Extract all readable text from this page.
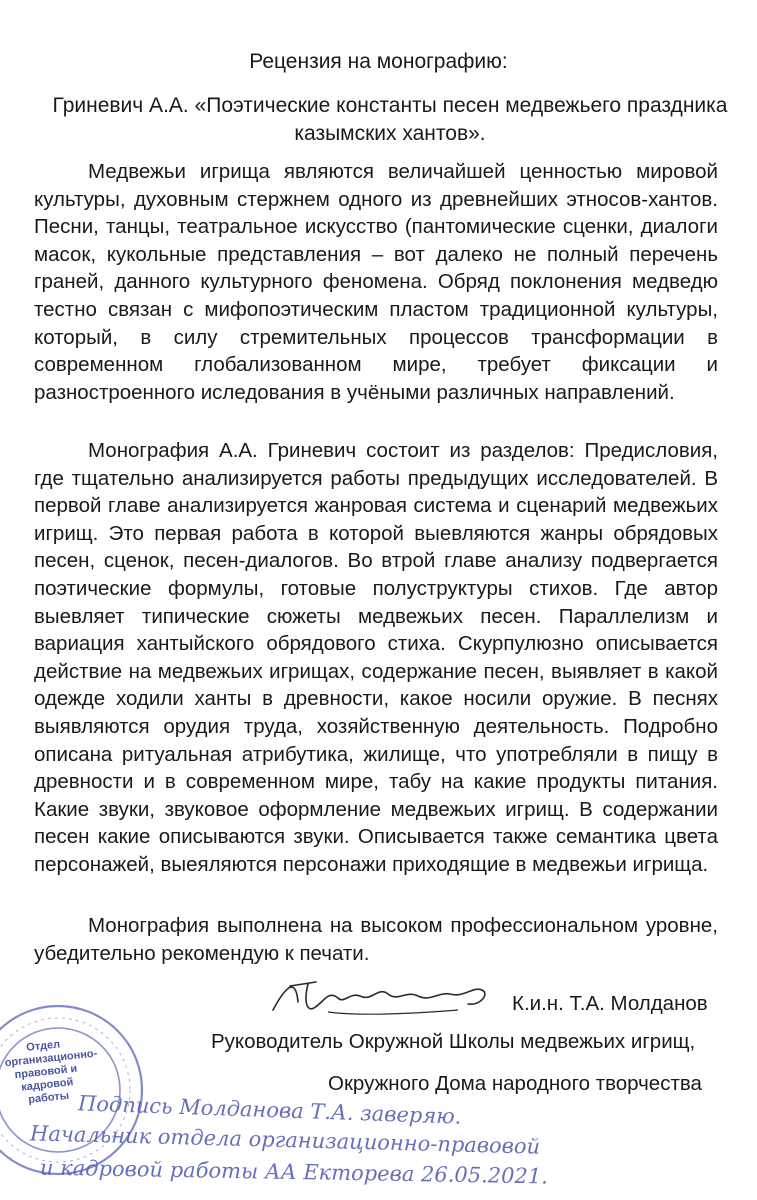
Рецензия на монографию:
Гриневич А.А. «Поэтические константы песен медвежьего праздника казымских хантов».

Медвежьи игрища являются величайшей ценностью мировой культуры, духовным стержнем одного из древнейших этносов-хантов. Песни, танцы, театральное искусство (пантомические сценки, диалоги масок, кукольные представления – вот далеко не полный перечень граней, данного культурного феномена. Обряд поклонения медведю тестно связан с мифопоэтическим пластом традиционной культуры, который, в силу стремительных процессов трансформации в современном глобализованном мире, требует фиксации и разностроенного иследования в учёными различных направлений.

Монография А.А. Гриневич состоит из разделов: Предисловия, где тщательно анализируется работы предыдущих исследователей. В первой главе анализируется жанровая система и сценарий медвежьих игрищ. Это первая работа в которой выевляются жанры обрядовых песен, сценок, песен-диалогов. Во втрой главе анализу подвергается поэтические формулы, готовые полуструктуры стихов. Где автор выевляет типические сюжеты медвежьих песен. Параллелизм и вариация хантыйского обрядового стиха. Скурпулюзно описывается действие на медвежьих игрищах, содержание песен, выявляет в какой одежде ходили ханты в древности, какое носили оружие. В песнях выявляются орудия труда, хозяйственную деятельность. Подробно описана ритуальная атрибутика, жилище, что употребляли в пищу в древности и в современном мире, табу на какие продукты питания. Какие звуки, звуковое оформление медвежьих игрищ. В содержании песен какие описываются звуки. Описывается также семантика цвета персонажей, выеяляются персонажи приходящие в медвежьи игрища.

Монография выполнена на высоком профессиональном уровне, убедительно рекомендую к печати.

К.и.н. Т.А. Молданов
Руководитель Окружной Школы медвежьих игрищ,
Окружного Дома народного творчества
Отдел организационно-правовой и кадровой работы Подпись Молданова Т.А. заверяю.
Начальник отдела организационно-правовой
и кадровой работы АА Екторева 26.05.2021.
